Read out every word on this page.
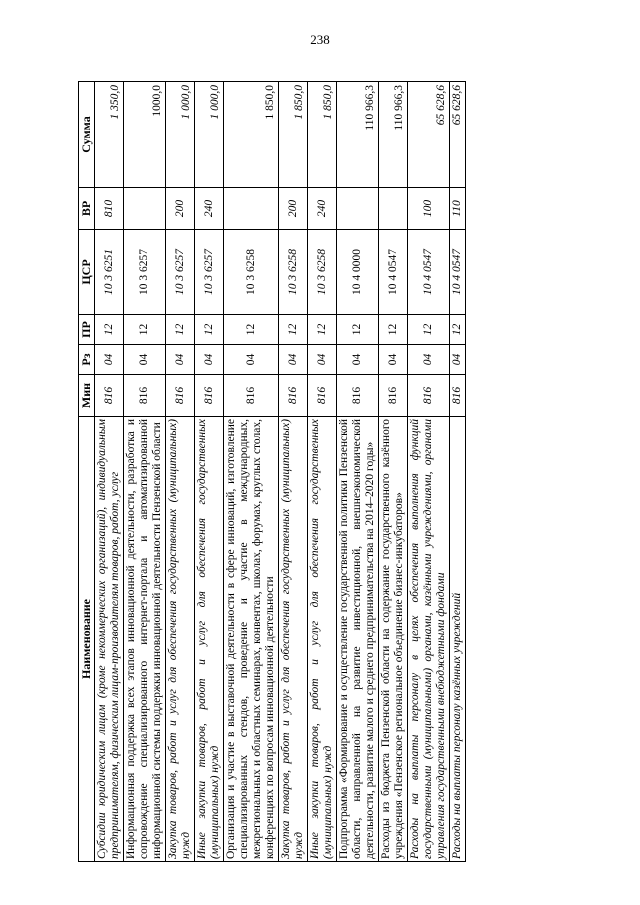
238
Наименование	Мин	Рз	ПР	ЦСР	ВР	Сумма
Субсидии юридическим лицам (кроме некоммерческих организаций), индивидуальным предпринимателям, физическим лицам-производителям товаров, работ, услуг	816	04	12	10 3 6251	810	1 350,0
Информационная поддержка всех этапов инновационной деятельности, разработка и сопровождение специализированного интернет-портала и автоматизированной информационной системы поддержки инновационной деятельности Пензенской области	816	04	12	10 3 6257		1000,0
Закупка товаров, работ и услуг для обеспечения государственных (муниципальных) нужд	816	04	12	10 3 6257	200	1 000,0
Иные закупки товаров, работ и услуг для обеспечения государственных (муниципальных) нужд	816	04	12	10 3 6257	240	1 000,0
Организация и участие в выставочной деятельности в сфере инноваций, изготовление специализированных стендов, проведение и участие в международных, межрегиональных и областных семинарах, конвентах, школах, форумах, круглых столах, конференциях по вопросам инновационной деятельности	816	04	12	10 3 6258		1 850,0
Закупка товаров, работ и услуг для обеспечения государственных (муниципальных) нужд	816	04	12	10 3 6258	200	1 850,0
Иные закупки товаров, работ и услуг для обеспечения государственных (муниципальных) нужд	816	04	12	10 3 6258	240	1 850,0
Подпрограмма «Формирование и осуществление государственной политики Пензенской области, направленной на развитие инвестиционной, внешнеэкономической деятельности, развитие малого и среднего предпринимательства на 2014–2020 годы»	816	04	12	10 4 0000		110 966,3
Расходы из бюджета Пензенской области на содержание государственного казённого учреждения «Пензенское региональное объединение бизнес-инкубаторов»	816	04	12	10 4 0547		110 966,3
Расходы на выплаты персоналу в целях обеспечения выполнения функций государственными (муниципальными) органами, казёнными учреждениями, органами управления государственными внебюджетными фондами	816	04	12	10 4 0547	100	65 628,6
Расходы на выплаты персоналу казённых учреждений	816	04	12	10 4 0547	110	65 628,6
